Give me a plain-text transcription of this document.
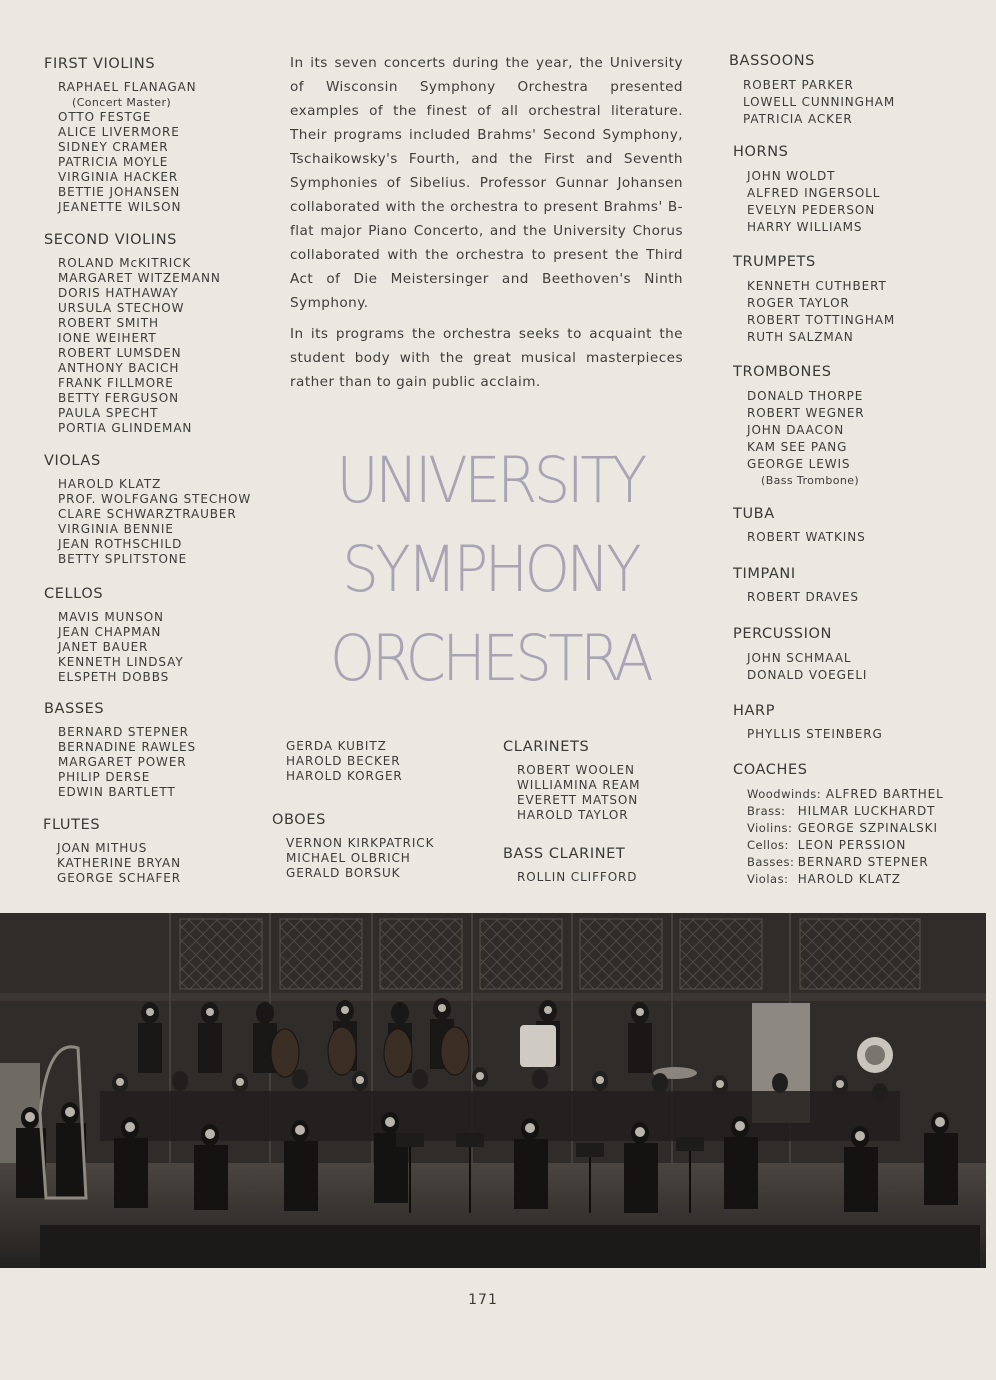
FIRST VIOLINS
RAPHAEL FLANAGAN
(Concert Master)
OTTO FESTGE
ALICE LIVERMORE
SIDNEY CRAMER
PATRICIA MOYLE
VIRGINIA HACKER
BETTIE JOHANSEN
JEANETTE WILSON
SECOND VIOLINS
ROLAND McKITRICK
MARGARET WITZEMANN
DORIS HATHAWAY
URSULA STECHOW
ROBERT SMITH
IONE WEIHERT
ROBERT LUMSDEN
ANTHONY BACICH
FRANK FILLMORE
BETTY FERGUSON
PAULA SPECHT
PORTIA GLINDEMAN
VIOLAS
HAROLD KLATZ
PROF. WOLFGANG STECHOW
CLARE SCHWARZTRAUBER
VIRGINIA BENNIE
JEAN ROTHSCHILD
BETTY SPLITSTONE
CELLOS
MAVIS MUNSON
JEAN CHAPMAN
JANET BAUER
KENNETH LINDSAY
ELSPETH DOBBS
BASSES
BERNARD STEPNER
BERNADINE RAWLES
MARGARET POWER
PHILIP DERSE
EDWIN BARTLETT
FLUTES
JOAN MITHUS
KATHERINE BRYAN
GEORGE SCHAFER

In its seven concerts during the year, the University of Wisconsin Symphony Orchestra presented examples of the finest of all orchestral literature. Their programs included Brahms' Second Symphony, Tschaikowsky's Fourth, and the First and Seventh Symphonies of Sibelius. Professor Gunnar Johansen collaborated with the orchestra to present Brahms' B-flat major Piano Concerto, and the University Chorus collaborated with the orchestra to present the Third Act of Die Meistersinger and Beethoven's Ninth Symphony.

In its programs the orchestra seeks to acquaint the student body with the great musical masterpieces rather than to gain public acclaim.

UNIVERSITY
SYMPHONY
ORCHESTRA
GERDA KUBITZ
HAROLD BECKER
HAROLD KORGER
OBOES
VERNON KIRKPATRICK
MICHAEL OLBRICH
GERALD BORSUK
CLARINETS
ROBERT WOOLEN
WILLIAMINA REAM
EVERETT MATSON
HAROLD TAYLOR
BASS CLARINET
ROLLIN CLIFFORD
BASSOONS
ROBERT PARKER
LOWELL CUNNINGHAM
PATRICIA ACKER
HORNS
JOHN WOLDT
ALFRED INGERSOLL
EVELYN PEDERSON
HARRY WILLIAMS
TRUMPETS
KENNETH CUTHBERT
ROGER TAYLOR
ROBERT TOTTINGHAM
RUTH SALZMAN
TROMBONES
DONALD THORPE
ROBERT WEGNER
JOHN DAACON
KAM SEE PANG
GEORGE LEWIS
(Bass Trombone)
TUBA
ROBERT WATKINS
TIMPANI
ROBERT DRAVES
PERCUSSION
JOHN SCHMAAL
DONALD VOEGELI
HARP
PHYLLIS STEINBERG
COACHES
Woodwinds: ALFRED BARTHEL
Brass: HILMAR LUCKHARDT
Violins: GEORGE SZPINALSKI
Cellos: LEON PERSSION
Basses: BERNARD STEPNER
Violas: HAROLD KLATZ
171
